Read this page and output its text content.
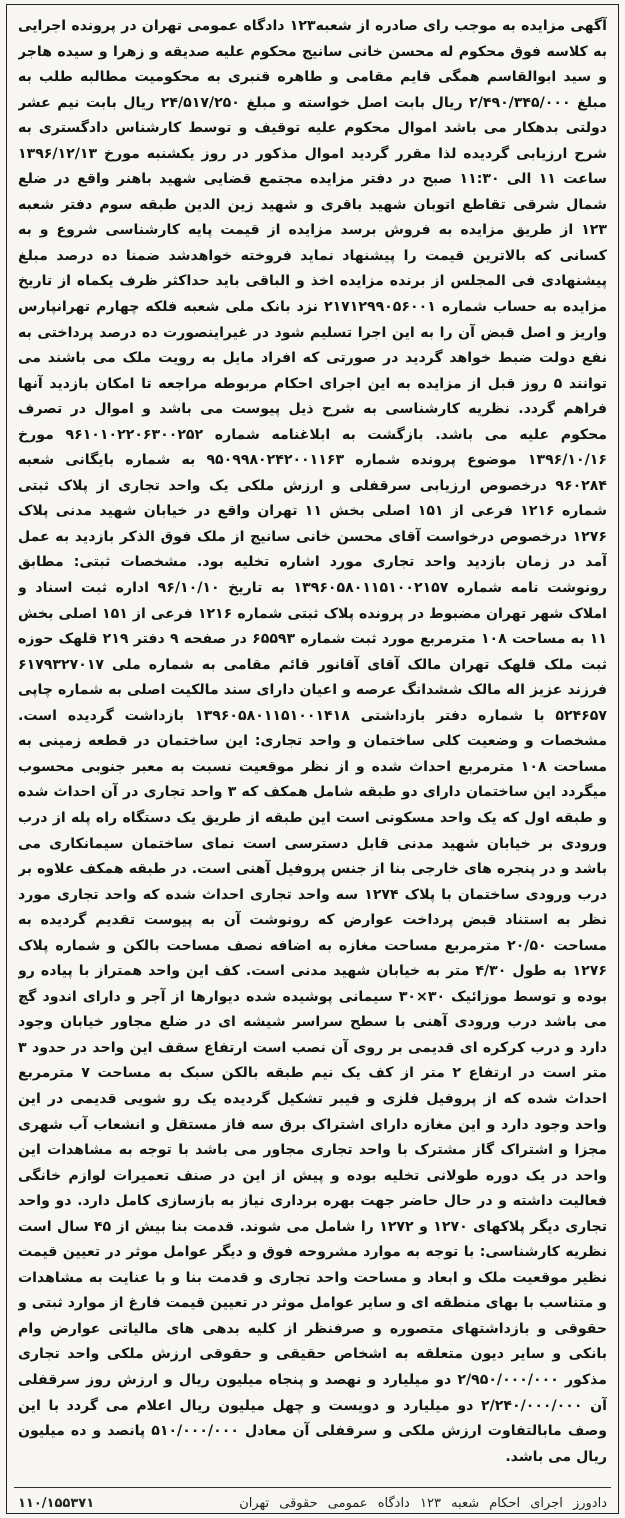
آگهی مزایده به موجب رای صادره از شعبه۱۲۳ دادگاه عمومی تهران در پرونده اجرایی به کلاسه فوق محکوم له محسن خانی سانیج محکوم علیه صدیقه و زهرا و سیده هاجر و سید ابوالقاسم همگی قایم مقامی و طاهره قنبری به محکومیت مطالبه طلب به مبلغ ۲/۴۹۰/۳۴۵/۰۰۰ ریال بابت اصل خواسته و مبلغ ۲۴/۵۱۷/۲۵۰ ریال بابت نیم عشر دولتی بدهکار می باشد اموال محکوم علیه توقیف و توسط کارشناس دادگستری به شرح ارزیابی گردیده لذا مقرر گردید اموال مذکور در روز یکشنبه مورخ ۱۳۹۶/۱۲/۱۳ ساعت ۱۱ الی ۱۱:۳۰ صبح در دفتر مزایده مجتمع قضایی شهید باهنر واقع در ضلع شمال شرقی تقاطع اتوبان شهید باقری و شهید زین الدین طبقه سوم دفتر شعبه ۱۲۳ از طریق مزایده به فروش برسد مزایده از قیمت پایه کارشناسی شروع و به کسانی که بالاترین قیمت را پیشنهاد نماید فروخته خواهدشد ضمنا ده درصد مبلغ پیشنهادی فی المجلس از برنده مزایده اخذ و الباقی باید حداکثر ظرف یکماه از تاریخ مزایده به حساب شماره ۲۱۷۱۲۹۹۰۵۶۰۰۱ نزد بانک ملی شعبه فلکه چهارم تهرانپارس واریز و اصل قبض آن را به این اجرا تسلیم شود در غیراینصورت ده درصد پرداختی به نفع دولت ضبط خواهد گردید در صورتی که افراد مایل به رویت ملک می باشند می توانند ۵ روز قبل از مزایده به این اجرای احکام مربوطه مراجعه تا امکان بازدید آنها فراهم گردد. نظریه کارشناسی به شرح ذیل پیوست می باشد و اموال در تصرف محکوم علیه می باشد. بازگشت به ابلاغنامه شماره ۹۶۱۰۱۰۲۲۰۶۳۰۰۲۵۲ مورخ ۱۳۹۶/۱۰/۱۶ موضوع پرونده شماره ۹۵۰۹۹۸۰۲۴۲۰۰۱۱۶۳ به شماره بایگانی شعبه ۹۶۰۲۸۴ درخصوص ارزیابی سرقفلی و ارزش ملکی یک واحد تجاری از پلاک ثبتی شماره ۱۲۱۶ فرعی از ۱۵۱ اصلی بخش ۱۱ تهران واقع در خیابان شهید مدنی پلاک ۱۲۷۶ درخصوص درخواست آقای محسن خانی سانیج از ملک فوق الذکر بازدید به عمل آمد در زمان بازدید واحد تجاری مورد اشاره تخلیه بود. مشخصات ثبتی: مطابق رونوشت نامه شماره ۱۳۹۶۰۵۸۰۱۱۵۱۰۰۲۱۵۷ به تاریخ ۹۶/۱۰/۱۰ اداره ثبت اسناد و املاک شهر تهران مضبوط در پرونده پلاک ثبتی شماره ۱۲۱۶ فرعی از ۱۵۱ اصلی بخش ۱۱ به مساحت ۱۰۸ مترمربع مورد ثبت شماره ۶۵۵۹۳ در صفحه ۹ دفتر ۲۱۹ قلهک حوزه ثبت ملک قلهک تهران مالک آقای آقانور قائم مقامی به شماره ملی ۶۱۷۹۳۲۷۰۱۷ فرزند عزیز اله مالک ششدانگ عرصه و اعیان دارای سند مالکیت اصلی به شماره چاپی ۵۲۴۶۵۷ با شماره دفتر بازداشتی ۱۳۹۶۰۵۸۰۱۱۵۱۰۰۱۴۱۸ بازداشت گردیده است. مشخصات و وضعیت کلی ساختمان و واحد تجاری: این ساختمان در قطعه زمینی به مساحت ۱۰۸ مترمربع احداث شده و از نظر موقعیت نسبت به معبر جنوبی محسوب میگردد این ساختمان دارای دو طبقه شامل همکف که ۳ واحد تجاری در آن احداث شده و طبقه اول که یک واحد مسکونی است این طبقه از طریق یک دستگاه راه پله از درب ورودی بر خیابان شهید مدنی قابل دسترسی است نمای ساختمان سیمانکاری می باشد و در پنجره های خارجی بنا از جنس پروفیل آهنی است. در طبقه همکف علاوه بر درب ورودی ساختمان با پلاک ۱۲۷۴ سه واحد تجاری احداث شده که واحد تجاری مورد نظر به استناد قبض پرداخت عوارض که رونوشت آن به پیوست تقدیم گردیده به مساحت ۲۰/۵۰ مترمربع مساحت مغازه به اضافه نصف مساحت بالکن و شماره پلاک ۱۲۷۶ به طول ۴/۳۰ متر به خیابان شهید مدنی است. کف این واحد همتراز با پیاده رو بوده و توسط موزائیک ۳۰×۳۰ سیمانی پوشیده شده دیوارها از آجر و دارای اندود گچ می باشد درب ورودی آهنی با سطح سراسر شیشه ای در ضلع مجاور خیابان وجود دارد و درب کرکره ای قدیمی بر روی آن نصب است ارتفاع سقف این واحد در حدود ۳ متر است در ارتفاع ۲ متر از کف یک نیم طبقه بالکن سبک به مساحت ۷ مترمربع احداث شده که از پروفیل فلزی و فیبر تشکیل گردیده یک رو شویی قدیمی در این واحد وجود دارد و این مغازه دارای اشتراک برق سه فاز مستقل و انشعاب آب شهری مجزا و اشتراک گاز مشترک با واحد تجاری مجاور می باشد با توجه به مشاهدات این واحد در یک دوره طولانی تخلیه بوده و پیش از این در صنف تعمیرات لوازم خانگی فعالیت داشته و در حال حاضر جهت بهره برداری نیاز به بازسازی کامل دارد. دو واحد تجاری دیگر پلاکهای ۱۲۷۰ و ۱۲۷۲ را شامل می شوند. قدمت بنا بیش از ۴۵ سال است نظریه کارشناسی: با توجه به موارد مشروحه فوق و دیگر عوامل موثر در تعیین قیمت نظیر موقعیت ملک و ابعاد و مساحت واحد تجاری و قدمت بنا و با عنایت به مشاهدات و متناسب با بهای منطقه ای و سایر عوامل موثر در تعیین قیمت فارغ از موارد ثبتی و حقوقی و بازداشتهای متصوره و صرفنظر از کلیه بدهی های مالیاتی عوارض وام بانکی و سایر دیون متعلقه به اشخاص حقیقی و حقوقی ارزش ملکی واحد تجاری مذکور ۲/۹۵۰/۰۰۰/۰۰۰ دو میلیارد و نهصد و پنجاه میلیون ریال و ارزش روز سرقفلی آن ۲/۲۴۰/۰۰۰/۰۰۰ دو میلیارد و دویست و چهل میلیون ریال اعلام می گردد با این وصف مابالتفاوت ارزش ملکی و سرقفلی آن معادل ۵۱۰/۰۰۰/۰۰۰ پانصد و ده میلیون ریال می باشد.

دادورز اجرای احکام شعبه ۱۲۳ دادگاه عمومی حقوقی تهران
۱۱۰/۱۵۵۳۷۱
